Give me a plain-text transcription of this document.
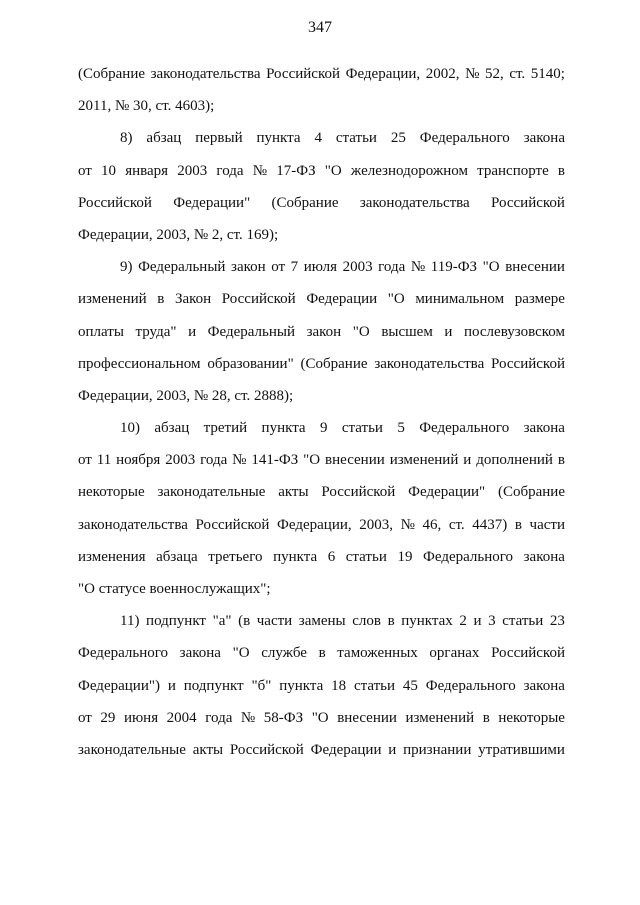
347
(Собрание законодательства Российской Федерации, 2002, № 52, ст. 5140;
2011, № 30, ст. 4603);
8) абзац первый пункта 4 статьи 25 Федерального закона
от 10 января 2003 года № 17-ФЗ "О железнодорожном транспорте в
Российской Федерации" (Собрание законодательства Российской
Федерации, 2003, № 2, ст. 169);
9) Федеральный закон от 7 июля 2003 года № 119-ФЗ "О внесении
изменений в Закон Российской Федерации "О минимальном размере
оплаты труда" и Федеральный закон "О высшем и послевузовском
профессиональном образовании" (Собрание законодательства Российской
Федерации, 2003, № 28, ст. 2888);
10) абзац третий пункта 9 статьи 5 Федерального закона
от 11 ноября 2003 года № 141-ФЗ "О внесении изменений и дополнений в
некоторые законодательные акты Российской Федерации" (Собрание
законодательства Российской Федерации, 2003, № 46, ст. 4437) в части
изменения абзаца третьего пункта 6 статьи 19 Федерального закона
"О статусе военнослужащих";
11) подпункт "а" (в части замены слов в пунктах 2 и 3 статьи 23
Федерального закона "О службе в таможенных органах Российской
Федерации") и подпункт "б" пункта 18 статьи 45 Федерального закона
от 29 июня 2004 года № 58-ФЗ "О внесении изменений в некоторые
законодательные акты Российской Федерации и признании утратившими
